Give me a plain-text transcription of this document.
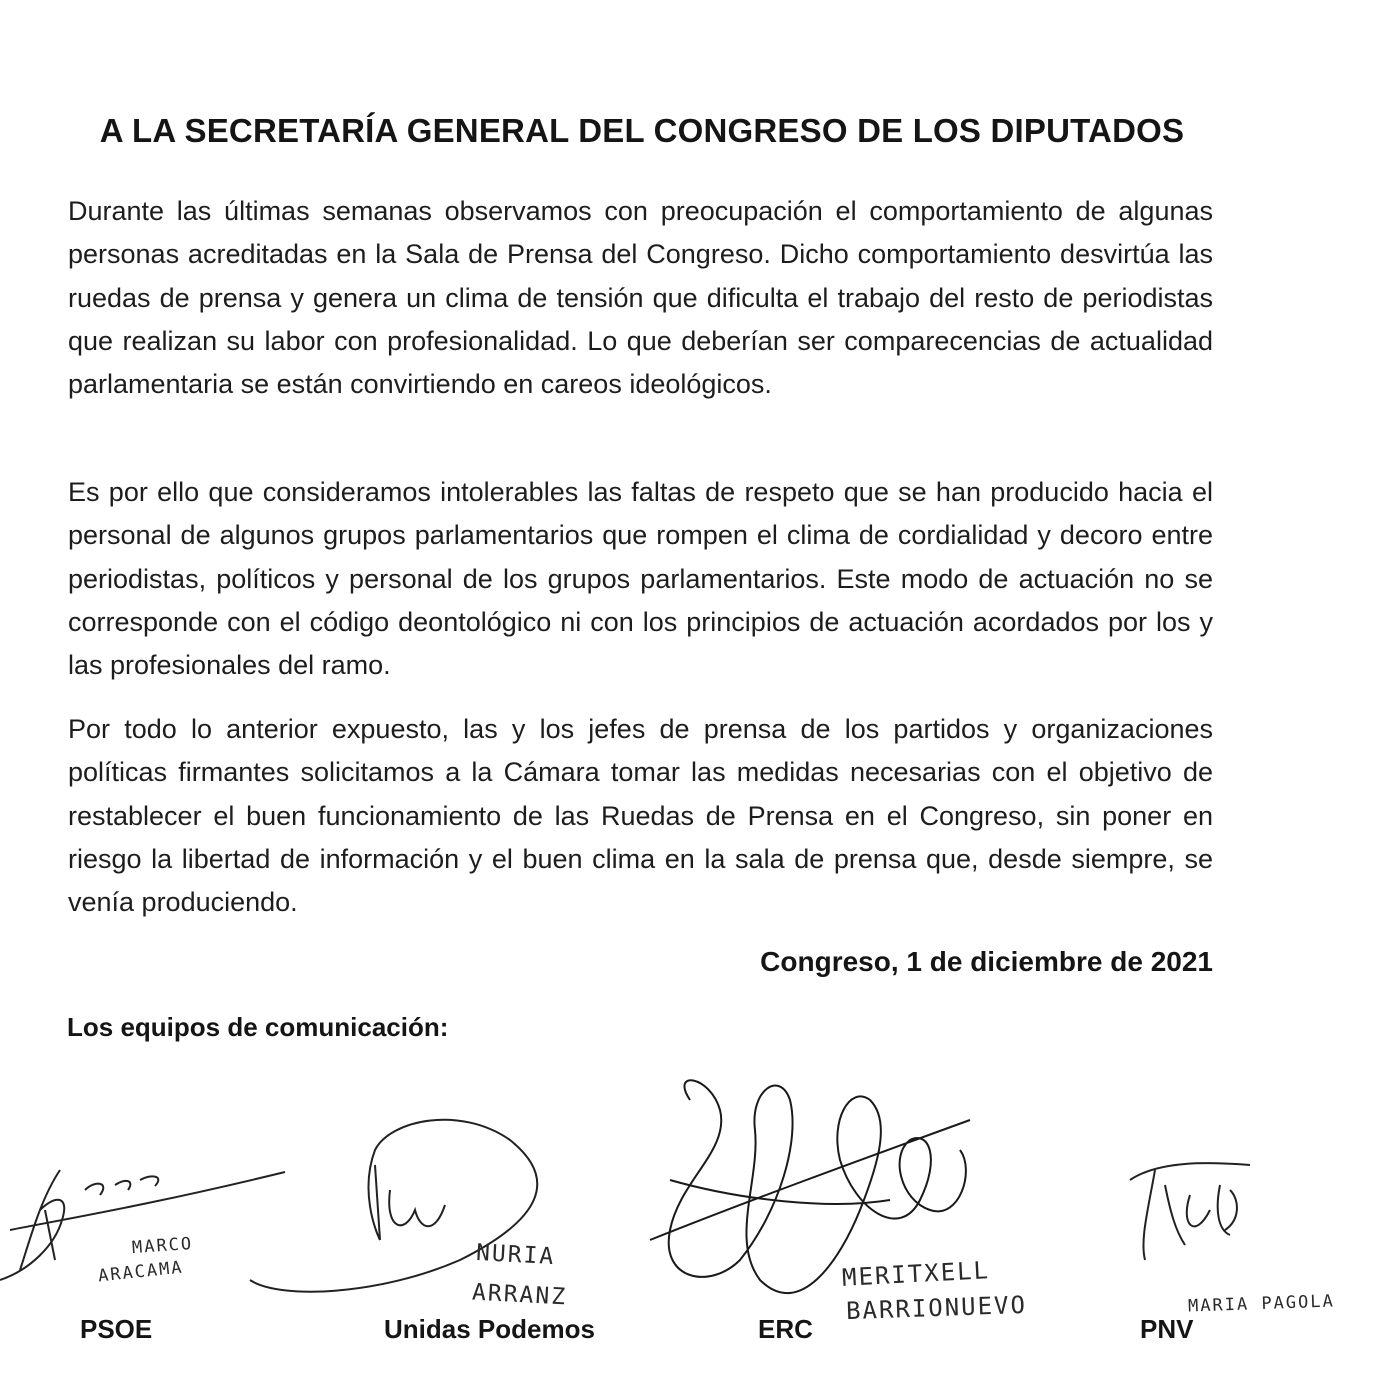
A LA SECRETARÍA GENERAL DEL CONGRESO DE LOS DIPUTADOS

Durante las últimas semanas observamos con preocupación el comportamiento de algunas personas acreditadas en la Sala de Prensa del Congreso. Dicho comportamiento desvirtúa las ruedas de prensa y genera un clima de tensión que dificulta el trabajo del resto de periodistas que realizan su labor con profesionalidad. Lo que deberían ser comparecencias de actualidad parlamentaria se están convirtiendo en careos ideológicos.

Es por ello que consideramos intolerables las faltas de respeto que se han producido hacia el personal de algunos grupos parlamentarios que rompen el clima de cordialidad y decoro entre periodistas, políticos y personal de los grupos parlamentarios. Este modo de actuación no se corresponde con el código deontológico ni con los principios de actuación acordados por los y las profesionales del ramo.

Por todo lo anterior expuesto, las y los jefes de prensa de los partidos y organizaciones políticas firmantes solicitamos a la Cámara tomar las medidas necesarias con el objetivo de restablecer el buen funcionamiento de las Ruedas de Prensa en el Congreso, sin poner en riesgo la libertad de información y el buen clima en la sala de prensa que, desde siempre, se venía produciendo.

Congreso, 1 de diciembre de 2021
Los equipos de comunicación:
MARCO
ARACAMA
PSOE
NURIA
ARRANZ
Unidas Podemos
MERITXELL
BARRIONUEVO
ERC
MARIA PAGOLA
PNV
